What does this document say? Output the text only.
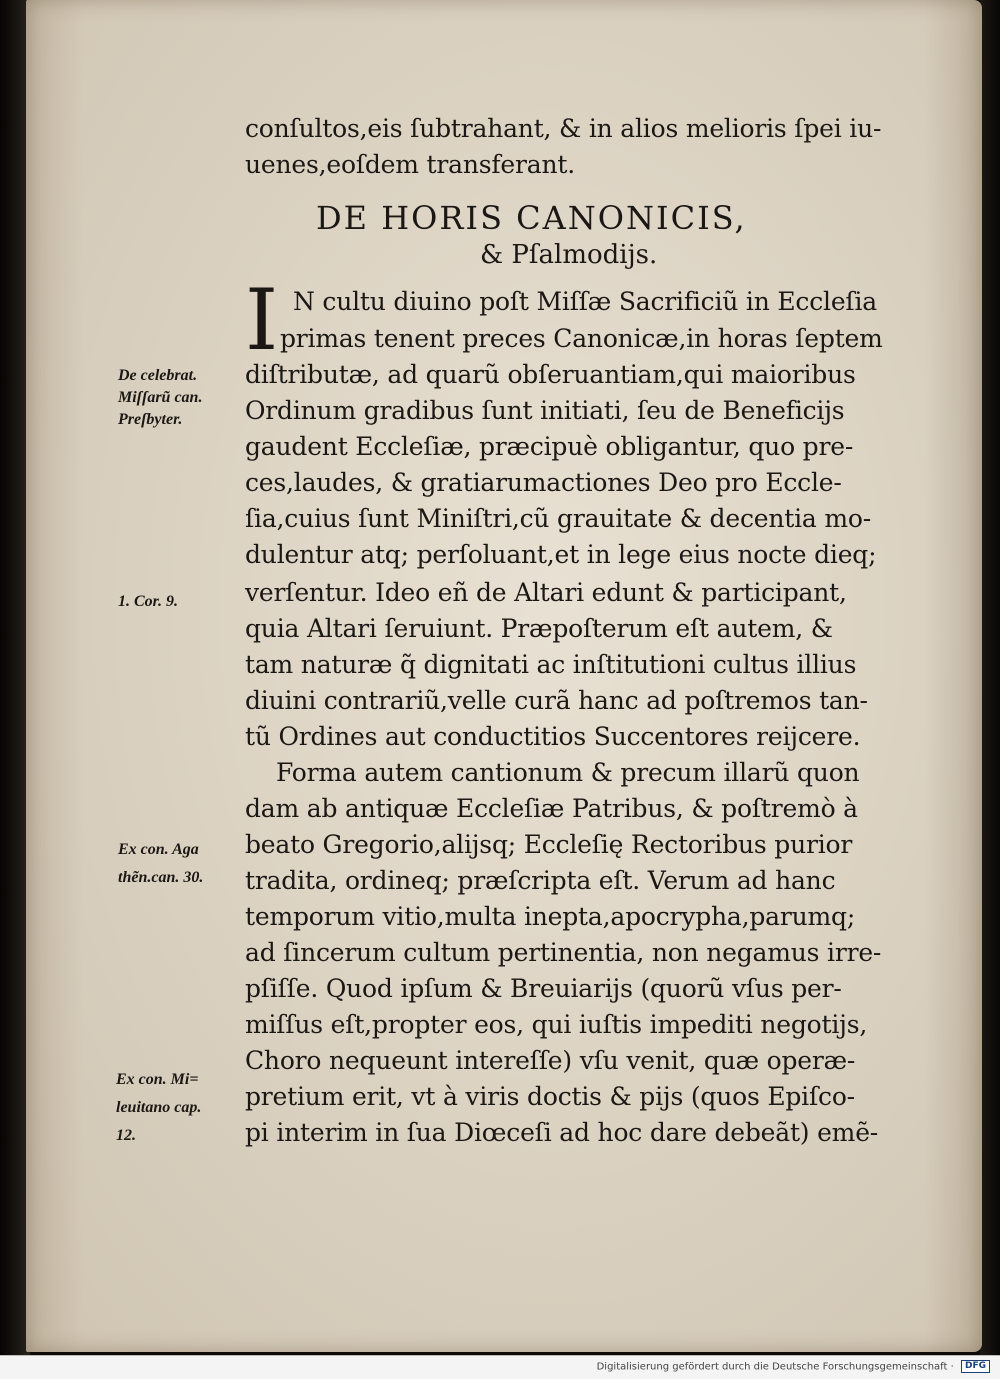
conſultos,eis ſubtrahant, & in alios melioris ſpei iu-
uenes,eoſdem transferant.
DE HORIS CANONICIS,
& Pſalmodijs.
I N cultu diuino poſt Miſſæ Sacrificiũ in Eccleſia
primas tenent preces Canonicæ,in horas ſeptem
diſtributæ, ad quarũ obſeruantiam,qui maioribus
Ordinum gradibus ſunt initiati, ſeu de Beneficijs
gaudent Eccleſiæ, præcipuè obligantur, quo pre-
ces,laudes, & gratiarumactiones Deo pro Eccle-
ſia,cuius ſunt Miniſtri,cũ grauitate & decentia mo-
dulentur atq; perſoluant,et in lege eius nocte dieq;
verſentur. Ideo eñ de Altari edunt & participant,
quia Altari ſeruiunt. Præpoſterum eſt autem, &
tam naturæ q̃ dignitati ac inſtitutioni cultus illius
diuini contrariũ,velle curã hanc ad poſtremos tan-
tũ Ordines aut conductitios Succentores reijcere.
Forma autem cantionum & precum illarũ quon
dam ab antiquæ Eccleſiæ Patribus, & poſtremò à
beato Gregorio,alijsq; Eccleſię Rectoribus purior
tradita, ordineq; præſcripta eſt. Verum ad hanc
temporum vitio,multa inepta,apocrypha,parumq;
ad ſincerum cultum pertinentia, non negamus irre-
pſiſſe. Quod ipſum & Breuiarijs (quorũ vſus per-
miſſus eſt,propter eos, qui iuſtis impediti negotijs,
Choro nequeunt intereſſe) vſu venit, quæ operæ-
pretium erit, vt à viris doctis & pijs (quos Epiſco-
pi interim in ſua Diœceſi ad hoc dare debeãt) emẽ-
De celebrat.
Miſſarũ can.
Preſbyter.
1. Cor. 9.
Ex con. Aga
thẽn.can. 30.
Ex con. Mi=
leuitano cap.
12.
Digitalisierung gefördert durch die Deutsche Forschungsgemeinschaft · DFG
